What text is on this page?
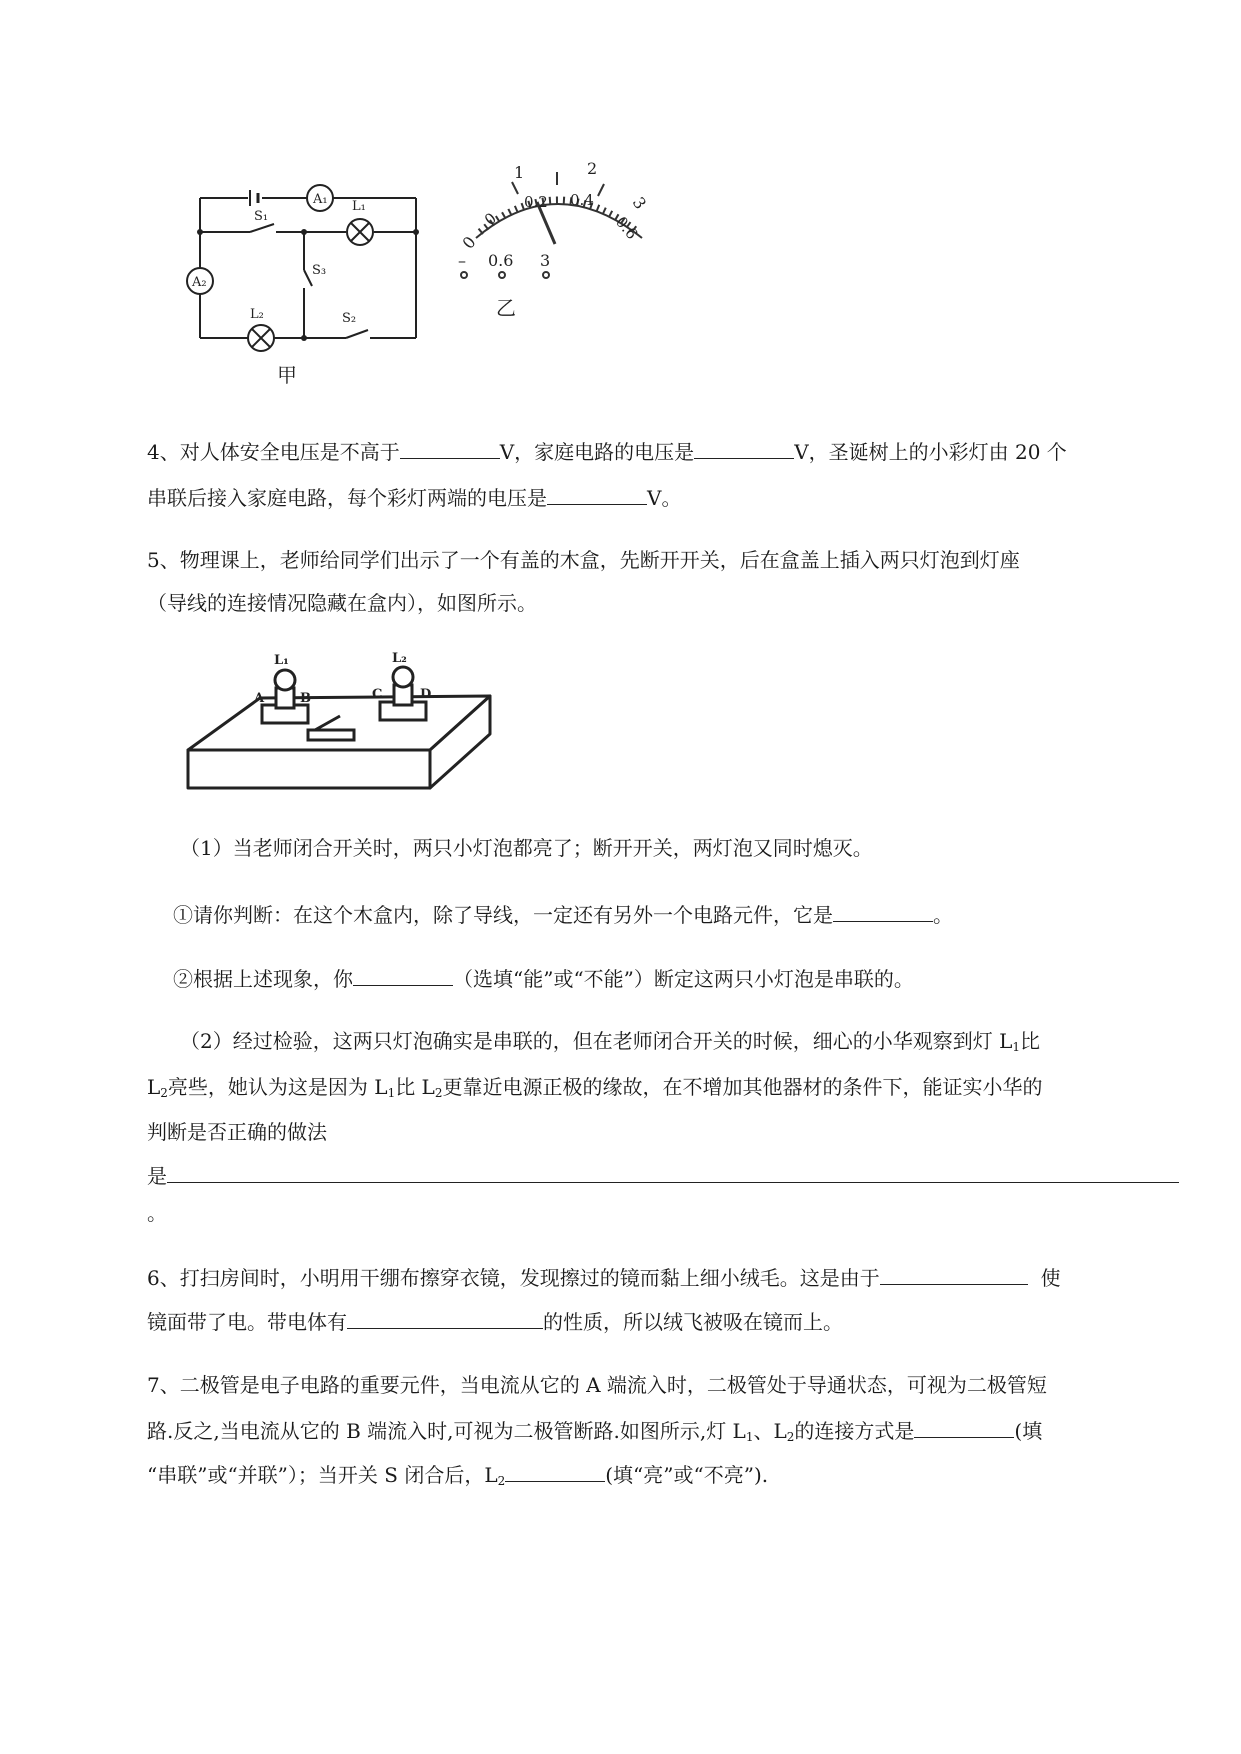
A₁
A₂
L₁
L₂
S₁
S₂
S₃
甲
0
1	2
3
0
0.2 0.4
0.6
– 0.6 3
乙
4、对人体安全电压是不高于	V，家庭电路的电压是	V，圣诞树上的小彩灯由 20 个
串联后接入家庭电路，每个彩灯两端的电压是	V。
5、物理课上，老师给同学们出示了一个有盖的木盒，先断开开关，后在盒盖上插入两只灯泡到灯座
（导线的连接情况隐藏在盒内），如图所示。
L₁	L₂
A	B	C	D
（1）当老师闭合开关时，两只小灯泡都亮了；断开开关，两灯泡又同时熄灭。
①请你判断：在这个木盒内，除了导线，一定还有另外一个电路元件，它是	。
②根据上述现象，你	（选填“能”或“不能”）断定这两只小灯泡是串联的。
（2）经过检验，这两只灯泡确实是串联的，但在老师闭合开关的时候，细心的小华观察到灯 $L_1$比
$L_2$亮些，她认为这是因为 $L_1$比 $L_2$更靠近电源正极的缘故，在不增加其他器材的条件下，能证实小华的
判断是否正确的做法
是
。
6、打扫房间时，小明用干绷布擦穿衣镜，发现擦过的镜而黏上细小绒毛。这是由于	使
镜面带了电。带电体有	的性质，所以绒飞被吸在镜而上。
7、二极管是电子电路的重要元件，当电流从它的 A 端流入时，二极管处于导通状态，可视为二极管短
路.反之,当电流从它的 B 端流入时,可视为二极管断路.如图所示,灯 $L_1$、$L_2$的连接方式是	(填
“串联”或“并联”）；当开关 S 闭合后，$L_2$	(填“亮”或“不亮”).
